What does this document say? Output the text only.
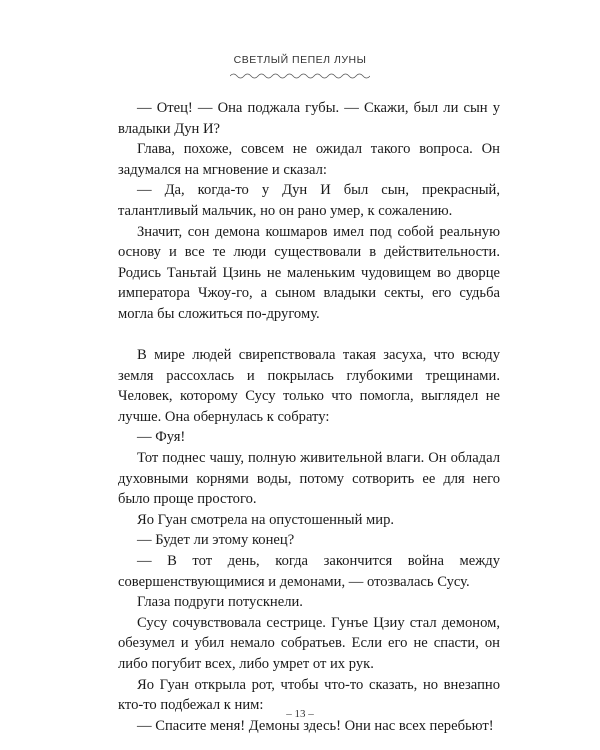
СВЕТЛЫЙ ПЕПЕЛ ЛУНЫ

— Отец! — Она поджала губы. — Скажи, был ли сын у владыки Дун И?

Глава, похоже, совсем не ожидал такого вопроса. Он задумался на мгновение и сказал:

— Да, когда-то у Дун И был сын, прекрасный, талантливый мальчик, но он рано умер, к сожалению.

Значит, сон демона кошмаров имел под собой реальную основу и все те люди существовали в действительности. Родись Таньтай Цзинь не маленьким чудовищем во дворце императора Чжоу-го, а сыном владыки секты, его судьба могла бы сложиться по-другому.

В мире людей свирепствовала такая засуха, что всюду земля рассохлась и покрылась глубокими трещинами. Человек, которому Сусу только что помогла, выглядел не лучше. Она обернулась к собрату:

— Фуя!

Тот поднес чашу, полную живительной влаги. Он обладал духовными корнями воды, потому сотворить ее для него было проще простого.

Яо Гуан смотрела на опустошенный мир.

— Будет ли этому конец?

— В тот день, когда закончится война между совершенствующимися и демонами, — отозвалась Сусу.

Глаза подруги потускнели.

Сусу сочувствовала сестрице. Гунъе Цзиу стал демоном, обезумел и убил немало собратьев. Если его не спасти, он либо погубит всех, либо умрет от их рук.

Яо Гуан открыла рот, чтобы что-то сказать, но внезапно кто-то подбежал к ним:

— Спасите меня! Демоны здесь! Они нас всех перебьют!

– 13 –
